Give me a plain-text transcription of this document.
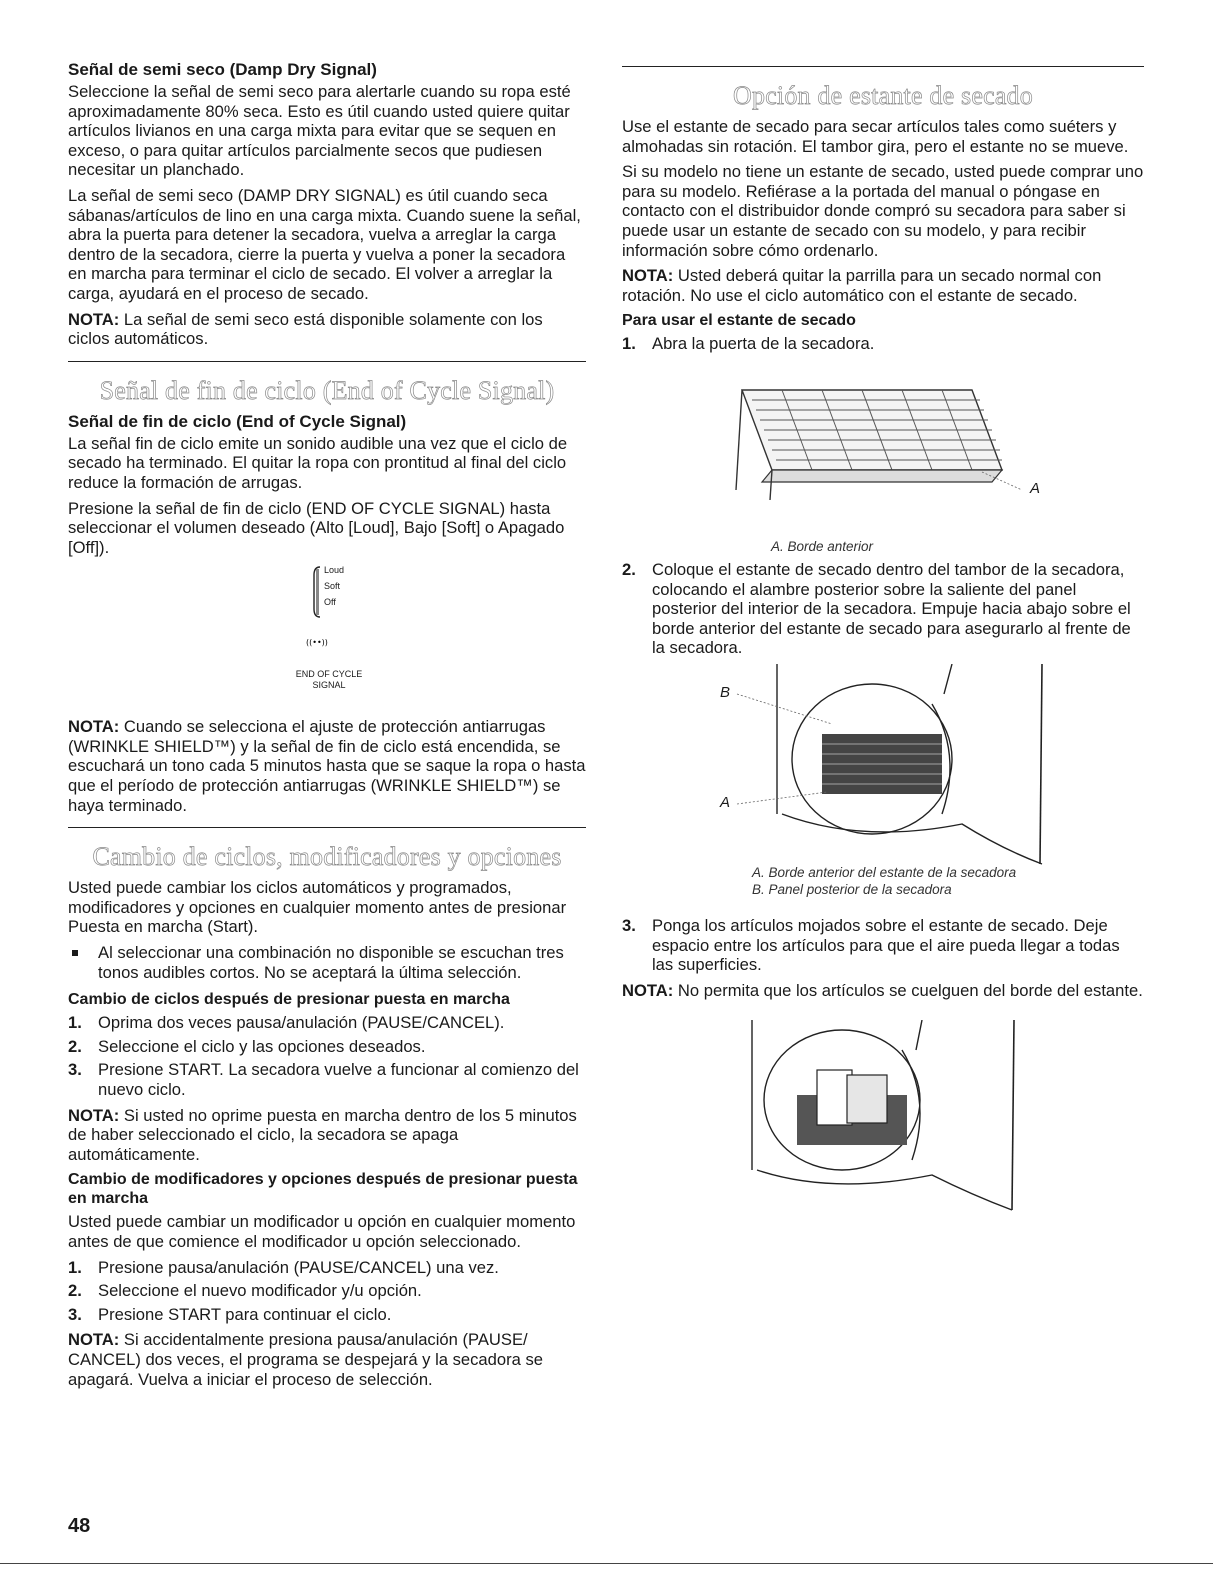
Señal de semi seco (Damp Dry Signal)

Seleccione la señal de semi seco para alertarle cuando su ropa esté aproximadamente 80% seca. Esto es útil cuando usted quiere quitar artículos livianos en una carga mixta para evitar que se sequen en exceso, o para quitar artículos parcialmente secos que pudiesen necesitar un planchado.

La señal de semi seco (DAMP DRY SIGNAL) es útil cuando seca sábanas/artículos de lino en una carga mixta. Cuando suene la señal, abra la puerta para detener la secadora, vuelva a arreglar la carga dentro de la secadora, cierre la puerta y vuelva a poner la secadora en marcha para terminar el ciclo de secado. El volver a arreglar la carga, ayudará en el proceso de secado.

NOTA: La señal de semi seco está disponible solamente con los ciclos automáticos.

Señal de fin de ciclo (End of Cycle Signal)
Señal de fin de ciclo (End of Cycle Signal)

La señal fin de ciclo emite un sonido audible una vez que el ciclo de secado ha terminado. El quitar la ropa con prontitud al final del ciclo reduce la formación de arrugas.

Presione la señal de fin de ciclo (END OF CYCLE SIGNAL) hasta seleccionar el volumen deseado (Alto [Loud], Bajo [Soft] o Apagado [Off]).

((••))
Loud
Soft
Off
END OF CYCLE
SIGNAL

NOTA: Cuando se selecciona el ajuste de protección antiarrugas (WRINKLE SHIELD™) y la señal de fin de ciclo está encendida, se escuchará un tono cada 5 minutos hasta que se saque la ropa o hasta que el período de protección antiarrugas (WRINKLE SHIELD™) se haya terminado.

Cambio de ciclos, modificadores y opciones

Usted puede cambiar los ciclos automáticos y programados, modificadores y opciones en cualquier momento antes de presionar Puesta en marcha (Start).

Al seleccionar una combinación no disponible se escuchan tres tonos audibles cortos. No se aceptará la última selección.
Cambio de ciclos después de presionar puesta en marcha
1. Oprima dos veces pausa/anulación (PAUSE/CANCEL).
2. Seleccione el ciclo y las opciones deseados.
3. Presione START. La secadora vuelve a funcionar al comienzo del nuevo ciclo.

NOTA: Si usted no oprime puesta en marcha dentro de los 5 minutos de haber seleccionado el ciclo, la secadora se apaga automáticamente.

Cambio de modificadores y opciones después de presionar puesta en marcha

Usted puede cambiar un modificador u opción en cualquier momento antes de que comience el modificador u opción seleccionado.

1. Presione pausa/anulación (PAUSE/CANCEL) una vez.
2. Seleccione el nuevo modificador y/u opción.
3. Presione START para continuar el ciclo.

NOTA: Si accidentalmente presiona pausa/anulación (PAUSE/ CANCEL) dos veces, el programa se despejará y la secadora se apagará. Vuelva a iniciar el proceso de selección.

Opción de estante de secado

Use el estante de secado para secar artículos tales como suéters y almohadas sin rotación. El tambor gira, pero el estante no se mueve.

Si su modelo no tiene un estante de secado, usted puede comprar uno para su modelo. Refiérase a la portada del manual o póngase en contacto con el distribuidor donde compró su secadora para saber si puede usar un estante de secado con su modelo, y para recibir información sobre cómo ordenarlo.

NOTA: Usted deberá quitar la parrilla para un secado normal con rotación. No use el ciclo automático con el estante de secado.

Para usar el estante de secado
1. Abra la puerta de la secadora.
A
A. Borde anterior
2. Coloque el estante de secado dentro del tambor de la secadora, colocando el alambre posterior sobre la saliente del panel posterior del interior de la secadora. Empuje hacia abajo sobre el borde anterior del estante de secado para asegurarlo al frente de la secadora.
B
A
A. Borde anterior del estante de la secadora
B. Panel posterior de la secadora
3. Ponga los artículos mojados sobre el estante de secado. Deje espacio entre los artículos para que el aire pueda llegar a todas las superficies.

NOTA: No permita que los artículos se cuelguen del borde del estante.

48
